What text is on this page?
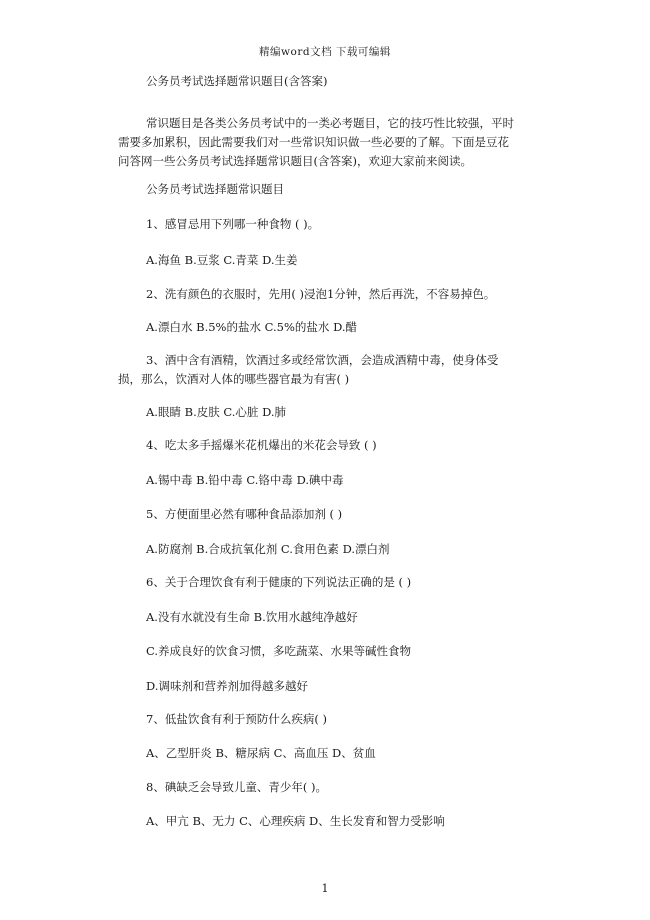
精编word文档 下载可编辑
公务员考试选择题常识题目(含答案)
常识题目是各类公务员考试中的一类必考题目，它的技巧性比较强，平时需要多加累积，因此需要我们对一些常识知识做一些必要的了解。下面是豆花问答网一些公务员考试选择题常识题目(含答案)，欢迎大家前来阅读。
公务员考试选择题常识题目
1、感冒忌用下列哪一种食物 ( )。
A.海鱼 B.豆浆 C.青菜 D.生姜
2、洗有颜色的衣服时，先用( )浸泡1分钟，然后再洗，不容易掉色。
A.漂白水 B.5%的盐水 C.5%的盐水 D.醋
3、酒中含有酒精，饮酒过多或经常饮酒，会造成酒精中毒，使身体受损，那么，饮酒对人体的哪些器官最为有害( )
A.眼睛 B.皮肤 C.心脏 D.肺
4、吃太多手摇爆米花机爆出的米花会导致 ( )
A.锡中毒 B.铅中毒 C.铬中毒 D.碘中毒
5、方便面里必然有哪种食品添加剂 ( )
A.防腐剂 B.合成抗氧化剂 C.食用色素 D.漂白剂
6、关于合理饮食有利于健康的下列说法正确的是 ( )
A.没有水就没有生命 B.饮用水越纯净越好
C.养成良好的饮食习惯，多吃蔬菜、水果等碱性食物
D.调味剂和营养剂加得越多越好
7、低盐饮食有利于预防什么疾病( )
A、乙型肝炎 B、糖尿病 C、高血压 D、贫血
8、碘缺乏会导致儿童、青少年( )。
A、甲亢 B、无力 C、心理疾病 D、生长发育和智力受影响
1
